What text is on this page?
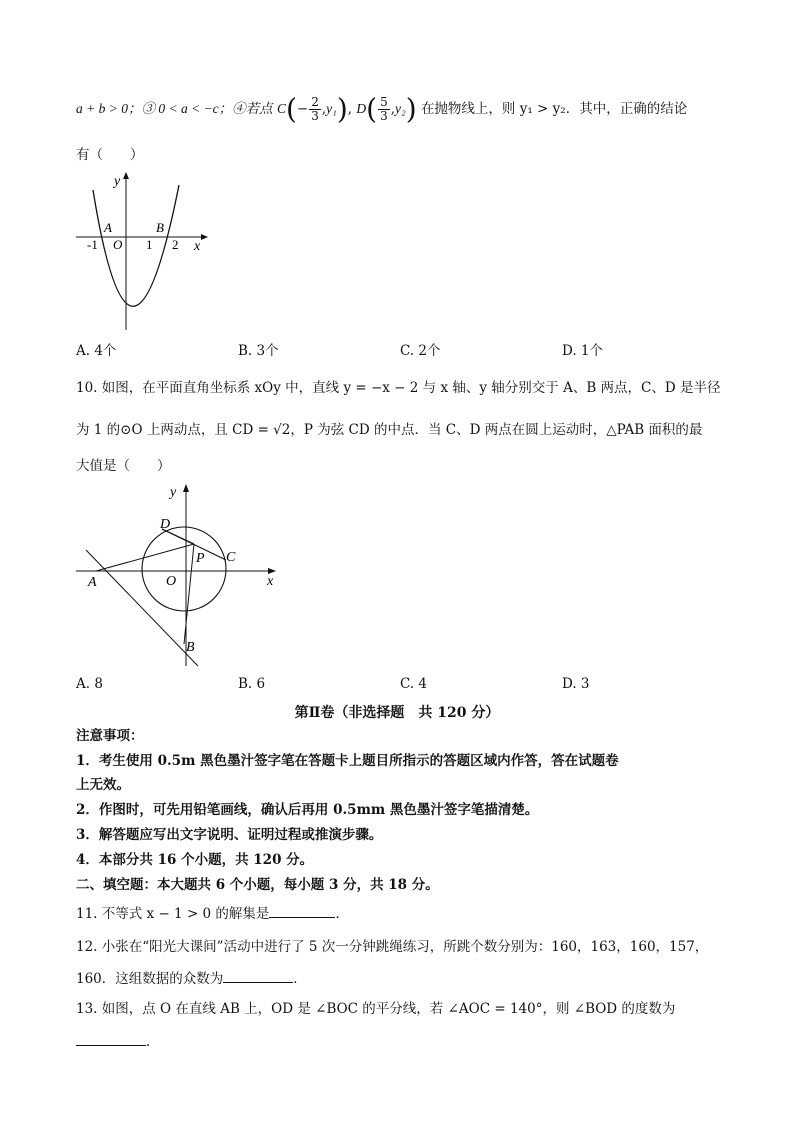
a + b > 0；③ 0 < a < −c；④若点 $C(- \frac{2}{3} ,y_1)$, $D( \frac{5}{3} ,y_2)$ 在抛物线上，则 y₁ > y₂．其中，正确的结论
有（　　）
y
x
A	B
O
-1	1 2
A. 4个	B. 3个	C. 2个	D. 1个
10. 如图，在平面直角坐标系 xOy 中，直线 y = −x − 2 与 x 轴、y 轴分别交于 A、B 两点，C、D 是半径
为 1 的⊙O 上两动点，且 CD = √2，P 为弦 CD 的中点．当 C、D 两点在圆上运动时，△PAB 面积的最
大值是（　　）
y
x
A
B
C
D
O
P
A. 8	B. 6	C. 4	D. 3
第Ⅱ卷（非选择题　共 120 分）
注意事项：
1．考生使用 0.5m 黑色墨汁签字笔在答题卡上题目所指示的答题区域内作答，答在试题卷
上无效。
2．作图时，可先用铅笔画线，确认后再用 0.5mm 黑色墨汁签字笔描清楚。
3．解答题应写出文字说明、证明过程或推演步骤。
4．本部分共 16 个小题，共 120 分。
二、填空题：本大题共 6 个小题，每小题 3 分，共 18 分。
11. 不等式 x − 1 > 0 的解集是	．
12. 小张在“阳光大课间”活动中进行了 5 次一分钟跳绳练习，所跳个数分别为：160，163，160，157，
160．这组数据的众数为	．
13. 如图，点 O 在直线 AB 上，OD 是 ∠BOC 的平分线，若 ∠AOC = 140°，则 ∠BOD 的度数为
．
